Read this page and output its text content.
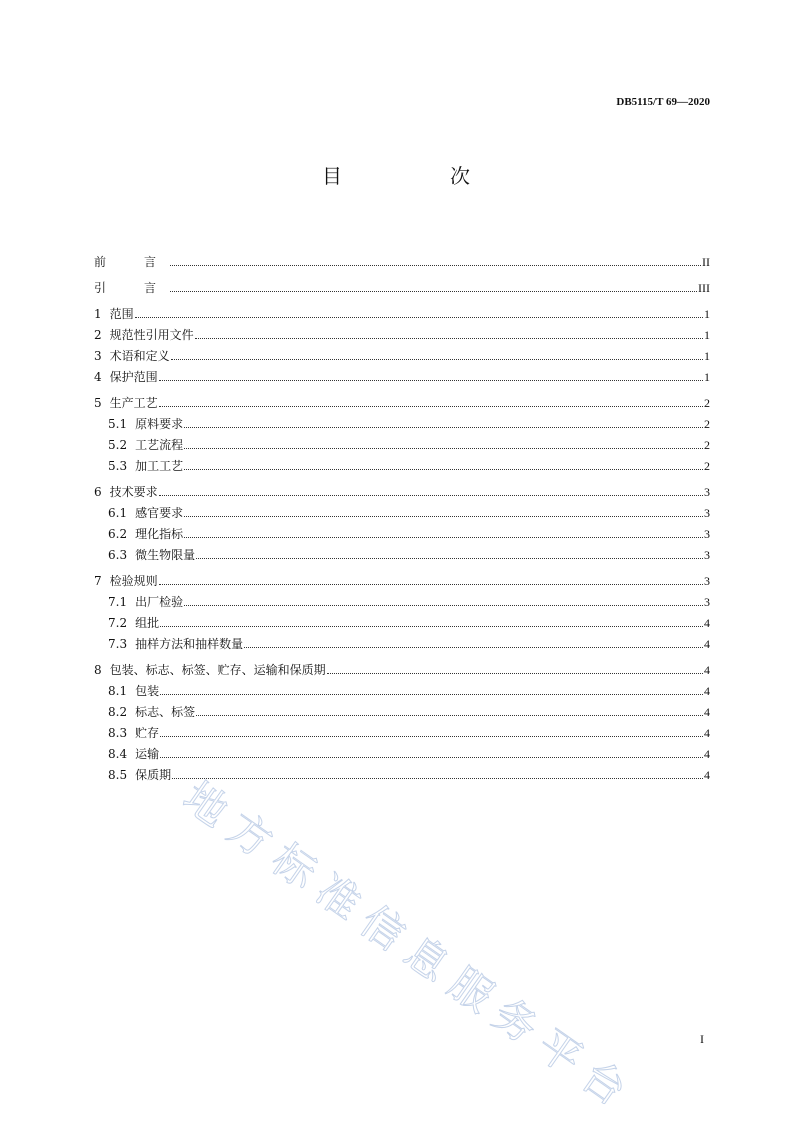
DB5115/T 69—2020
目　次
前　言	II
引　言	III
1 范围	1
2 规范性引用文件	1
3 术语和定义	1
4 保护范围	1
5 生产工艺	2
5.1 原料要求	2
5.2 工艺流程	2
5.3 加工工艺	2
6 技术要求	3
6.1 感官要求	3
6.2 理化指标	3
6.3 微生物限量	3
7 检验规则	3
7.1 出厂检验	3
7.2 组批	4
7.3 抽样方法和抽样数量	4
8 包装、标志、标签、贮存、运输和保质期	4
8.1 包装	4
8.2 标志、标签	4
8.3 贮存	4
8.4 运输	4
8.5 保质期	4
地方标准信息服务平台	I
